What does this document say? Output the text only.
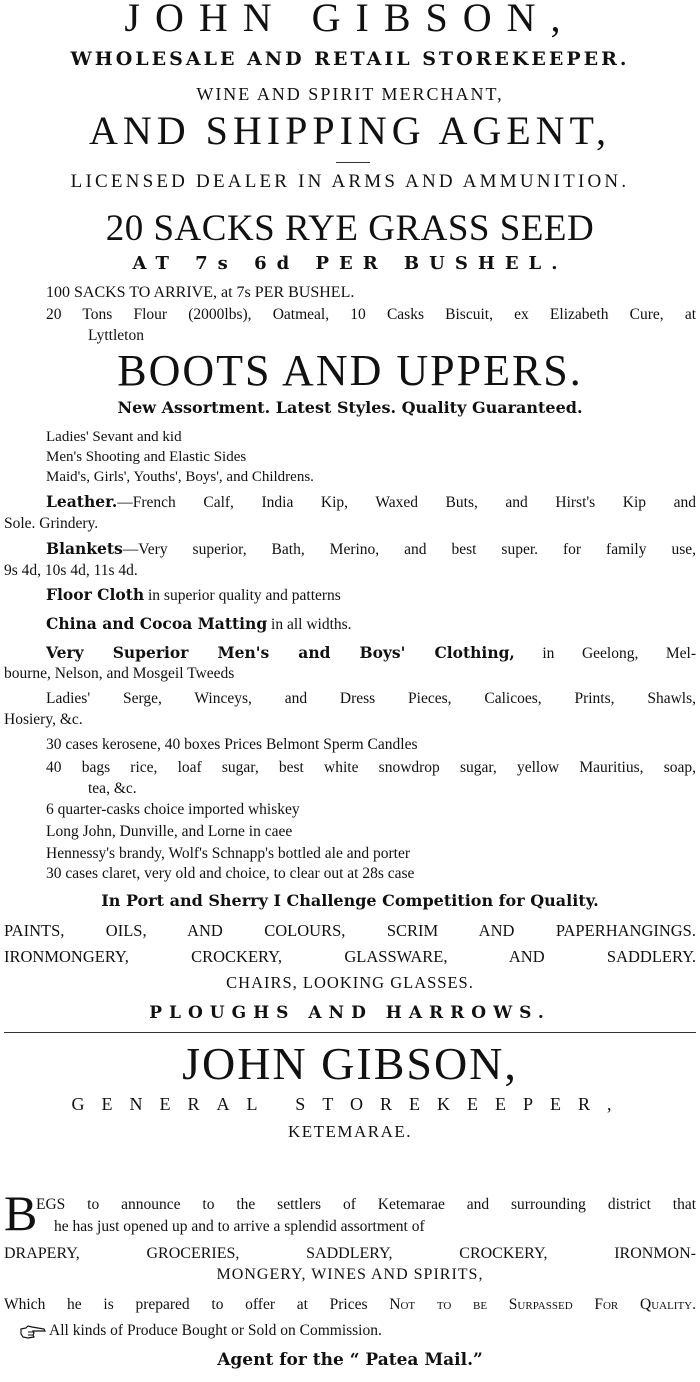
JOHN GIBSON,
WHOLESALE AND RETAIL STOREKEEPER.
WINE AND SPIRIT MERCHANT,
AND SHIPPING AGENT,
LICENSED DEALER IN ARMS AND AMMUNITION.
20 SACKS RYE GRASS SEED
AT 7s 6d PER BUSHEL.
100 SACKS TO ARRIVE, at 7s PER BUSHEL.
20 Tons Flour (2000lbs), Oatmeal, 10 Casks Biscuit, ex Elizabeth Cure, at
Lyttleton
BOOTS AND UPPERS.
New Assortment. Latest Styles. Quality Guaranteed.
Ladies' Sevant and kid
Men's Shooting and Elastic Sides
Maid's, Girls', Youths', Boys', and Childrens.
Leather.—French Calf, India Kip, Waxed Buts, and Hirst's Kip and
Sole. Grindery.
Blankets—Very superior, Bath, Merino, and best super. for family use,
9s 4d, 10s 4d, 11s 4d.
Floor Cloth in superior quality and patterns
China and Cocoa Matting in all widths.
Very Superior Men's and Boys' Clothing, in Geelong, Mel-
bourne, Nelson, and Mosgeil Tweeds
Ladies' Serge, Winceys, and Dress Pieces, Calicoes, Prints, Shawls,
Hosiery, &c.
30 cases kerosene, 40 boxes Prices Belmont Sperm Candles
40 bags rice, loaf sugar, best white snowdrop sugar, yellow Mauritius, soap,
tea, &c.
6 quarter-casks choice imported whiskey
Long John, Dunville, and Lorne in caee
Hennessy's brandy, Wolf's Schnapp's bottled ale and porter
30 cases claret, very old and choice, to clear out at 28s case
In Port and Sherry I Challenge Competition for Quality.
PAINTS, OILS, AND COLOURS, SCRIM AND PAPERHANGINGS.
IRONMONGERY, CROCKERY, GLASSWARE, AND SADDLERY.
CHAIRS, LOOKING GLASSES.
PLOUGHS AND HARROWS.
JOHN GIBSON,
GENERAL STOREKEEPER,
KETEMARAE.
B
EGS to announce to the settlers of Ketemarae and surrounding district that
he has just opened up and to arrive a splendid assortment of
DRAPERY, GROCERIES, SADDLERY, CROCKERY, IRONMON-
MONGERY, WINES AND SPIRITS,
Which he is prepared to offer at Prices Not to be Surpassed For Quality.
All kinds of Produce Bought or Sold on Commission.
Agent for the “ Patea Mail.”
